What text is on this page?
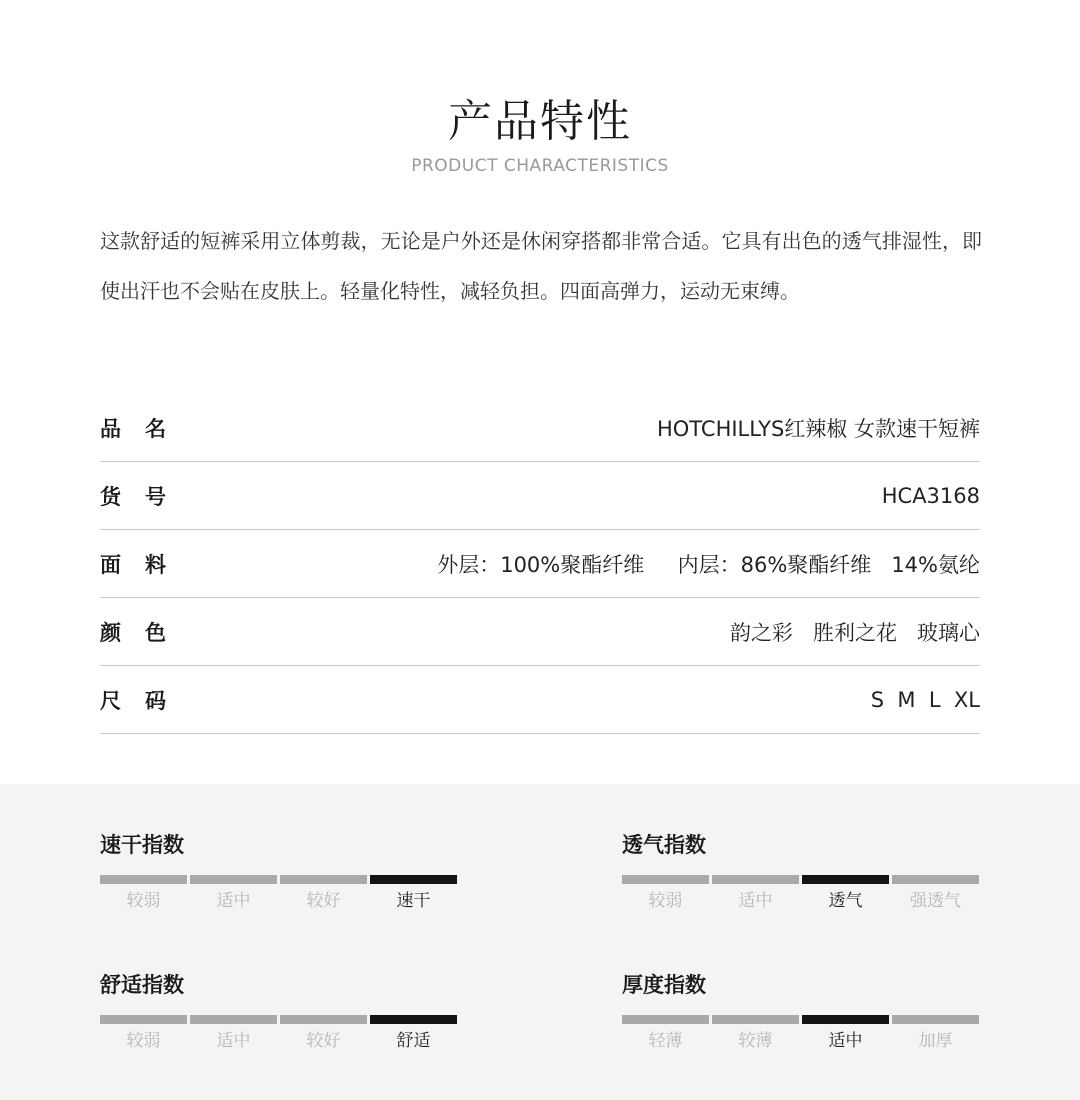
产品特性
PRODUCT CHARACTERISTICS

这款舒适的短裤采用立体剪裁，无论是户外还是休闲穿搭都非常合适。它具有出色的透气排湿性，即使出汗也不会贴在皮肤上。轻量化特性，减轻负担。四面高弹力，运动无束缚。

品名	HOTCHILLYS红辣椒 女款速干短裤
货号	HCA3168
面料	外层：100%聚酯纤维     内层：86%聚酯纤维   14%氨纶
颜色	韵之彩   胜利之花   玻璃心
尺码	S  M  L  XL
速干指数
较弱	适中	较好	速干
透气指数
较弱	适中	透气	强透气
舒适指数
较弱	适中	较好	舒适
厚度指数
轻薄	较薄	适中	加厚
